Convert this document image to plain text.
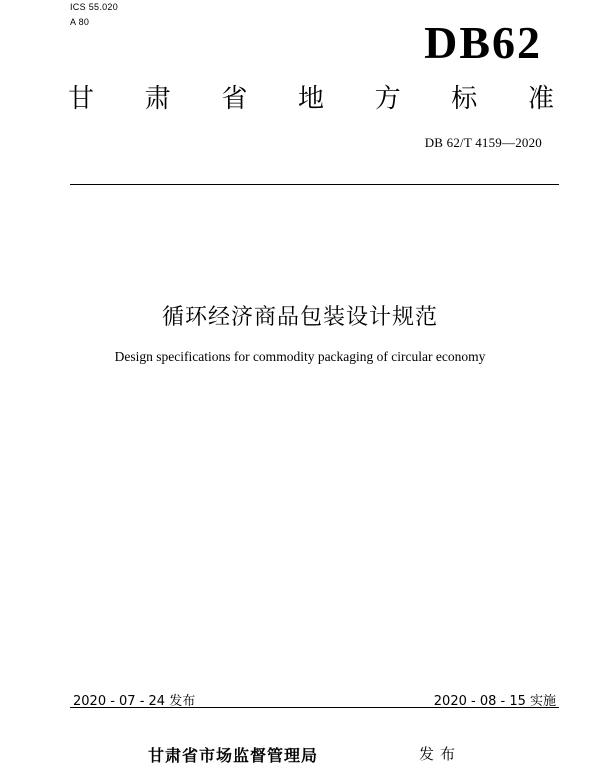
ICS 55.020
A 80	DB62
甘 肃 省 地 方 标 准
DB 62/T 4159—2020
循环经济商品包装设计规范
Design specifications for commodity packaging of circular economy
2020 - 07 - 24 发布	2020 - 08 - 15 实施
甘肃省市场监督管理局	发布
